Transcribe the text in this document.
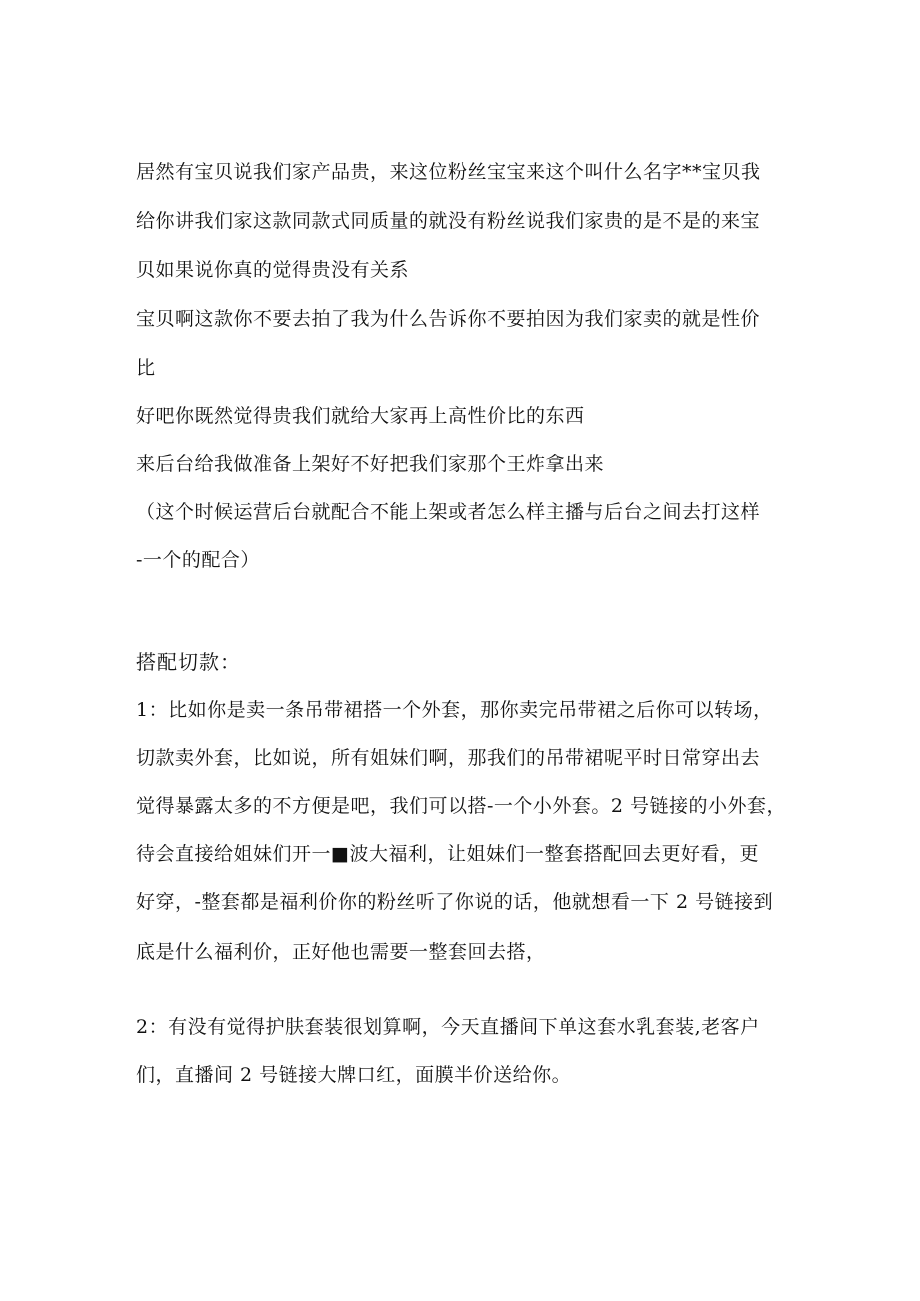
居然有宝贝说我们家产品贵，来这位粉丝宝宝来这个叫什么名字**宝贝我
给你讲我们家这款同款式同质量的就没有粉丝说我们家贵的是不是的来宝
贝如果说你真的觉得贵没有关系
宝贝啊这款你不要去拍了我为什么告诉你不要拍因为我们家卖的就是性价
比
好吧你既然觉得贵我们就给大家再上高性价比的东西
来后台给我做准备上架好不好把我们家那个王炸拿出来
（这个时候运营后台就配合不能上架或者怎么样主播与后台之间去打这样
-一个的配合）
搭配切款：
1：比如你是卖一条吊带裙搭一个外套，那你卖完吊带裙之后你可以转场，
切款卖外套，比如说，所有姐妹们啊，那我们的吊带裙呢平时日常穿出去
觉得暴露太多的不方便是吧，我们可以搭-一个小外套。2 号链接的小外套，
待会直接给姐妹们开一■波大福利，让姐妹们一整套搭配回去更好看，更
好穿，-整套都是福利价你的粉丝听了你说的话，他就想看一下 2 号链接到
底是什么福利价，正好他也需要一整套回去搭，
2：有没有觉得护肤套装很划算啊，今天直播间下单这套水乳套装,老客户
们，直播间 2 号链接大牌口红，面膜半价送给你。
